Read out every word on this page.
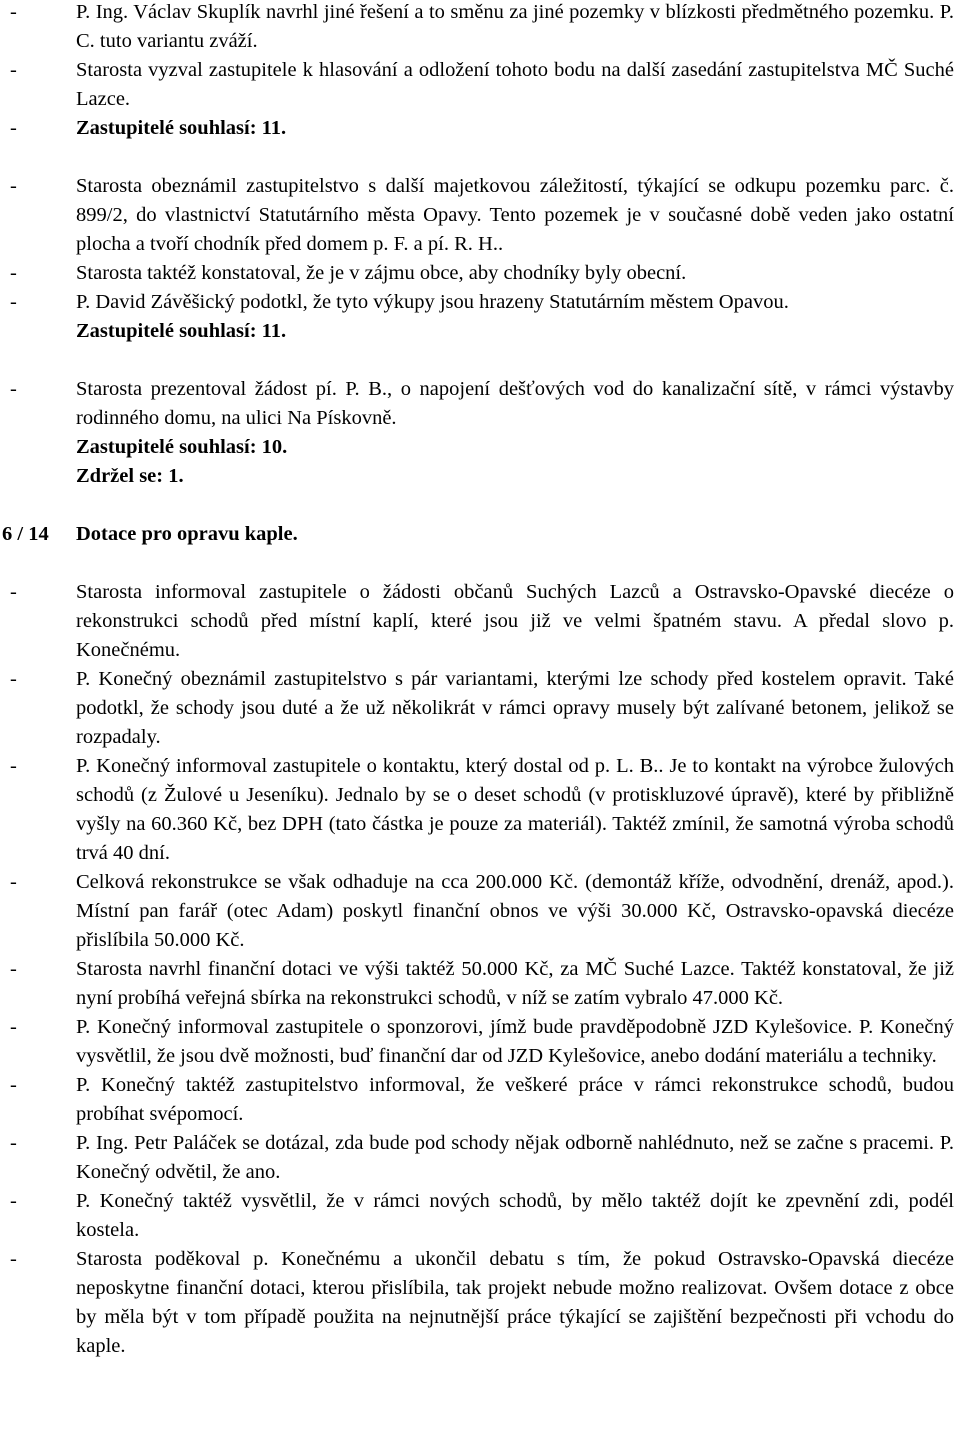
-	P. Ing. Václav Skuplík navrhl jiné řešení a to směnu za jiné pozemky v blízkosti předmětného pozemku. P. C. tuto variantu zváží.
-	Starosta vyzval zastupitele k hlasování a odložení tohoto bodu na další zasedání zastupitelstva MČ Suché Lazce.
-	Zastupitelé souhlasí: 11.
-	Starosta obeznámil zastupitelstvo s další majetkovou záležitostí, týkající se odkupu pozemku parc. č. 899/2, do vlastnictví Statutárního města Opavy. Tento pozemek je v současné době veden jako ostatní plocha a tvoří chodník před domem p. F. a pí. R. H..
-	Starosta taktéž konstatoval, že je v zájmu obce, aby chodníky byly obecní.
-	P. David Závěšický podotkl, že tyto výkupy jsou hrazeny Statutárním městem Opavou.
Zastupitelé souhlasí: 11.
-	Starosta prezentoval žádost pí. P. B., o napojení dešťových vod do kanalizační sítě, v rámci výstavby rodinného domu, na ulici Na Pískovně.
Zastupitelé souhlasí: 10.
Zdržel se: 1.
6 / 14	Dotace pro opravu kaple.
-	Starosta informoval zastupitele o žádosti občanů Suchých Lazců a Ostravsko-Opavské diecéze o rekonstrukci schodů před místní kaplí, které jsou již ve velmi špatném stavu. A předal slovo p. Konečnému.
-	P. Konečný obeznámil zastupitelstvo s pár variantami, kterými lze schody před kostelem opravit. Také podotkl, že schody jsou duté a že už několikrát v rámci opravy musely být zalívané betonem, jelikož se rozpadaly.
-	P. Konečný informoval zastupitele o kontaktu, který dostal od p. L. B.. Je to kontakt na výrobce žulových schodů (z Žulové u Jeseníku). Jednalo by se o deset schodů (v protiskluzové úpravě), které by přibližně vyšly na 60.360 Kč, bez DPH (tato částka je pouze za materiál). Taktéž zmínil, že samotná výroba schodů trvá 40 dní.
-	Celková rekonstrukce se však odhaduje na cca 200.000 Kč. (demontáž kříže, odvodnění, drenáž, apod.). Místní pan farář (otec Adam) poskytl finanční obnos ve výši 30.000 Kč, Ostravsko-opavská diecéze přislíbila 50.000 Kč.
-	Starosta navrhl finanční dotaci ve výši taktéž 50.000 Kč, za MČ Suché Lazce. Taktéž konstatoval, že již nyní probíhá veřejná sbírka na rekonstrukci schodů, v níž se zatím vybralo 47.000 Kč.
-	P. Konečný informoval zastupitele o sponzorovi, jímž bude pravděpodobně JZD Kylešovice. P. Konečný vysvětlil, že jsou dvě možnosti, buď finanční dar od JZD Kylešovice, anebo dodání materiálu a techniky.
-	P. Konečný taktéž zastupitelstvo informoval, že veškeré práce v rámci rekonstrukce schodů, budou probíhat svépomocí.
-	P. Ing. Petr Paláček se dotázal, zda bude pod schody nějak odborně nahlédnuto, než se začne s pracemi. P. Konečný odvětil, že ano.
-	P. Konečný taktéž vysvětlil, že v rámci nových schodů, by mělo taktéž dojít ke zpevnění zdi, podél kostela.
-	Starosta poděkoval p. Konečnému a ukončil debatu s tím, že pokud Ostravsko-Opavská diecéze neposkytne finanční dotaci, kterou přislíbila, tak projekt nebude možno realizovat. Ovšem dotace z obce by měla být v tom případě použita na nejnutnější práce týkající se zajištění bezpečnosti při vchodu do kaple.
